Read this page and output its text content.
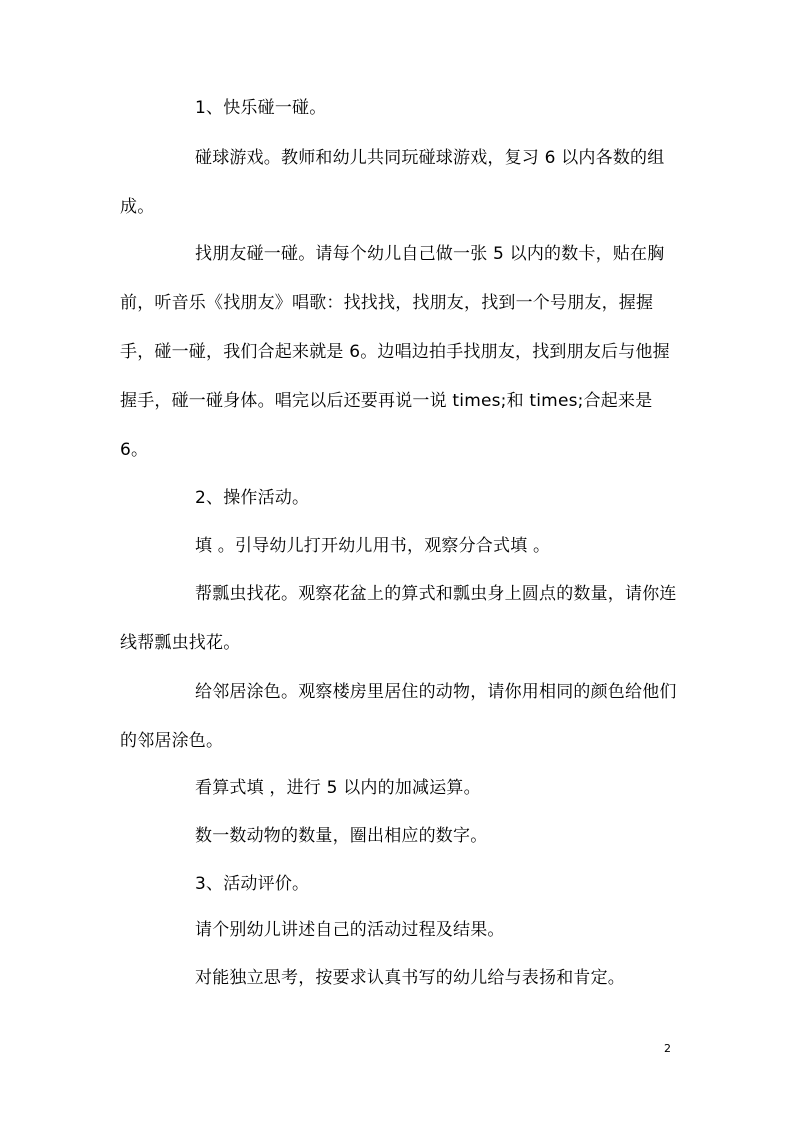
1、快乐碰一碰。

碰球游戏。教师和幼儿共同玩碰球游戏，复习 6 以内各数的组成。

找朋友碰一碰。请每个幼儿自己做一张 5 以内的数卡，贴在胸前，听音乐《找朋友》唱歌：找找找，找朋友，找到一个号朋友，握握手，碰一碰，我们合起来就是 6。边唱边拍手找朋友，找到朋友后与他握握手，碰一碰身体。唱完以后还要再说一说 times;和 times;合起来是 6。

2、操作活动。

填 。引导幼儿打开幼儿用书，观察分合式填 。

帮瓢虫找花。观察花盆上的算式和瓢虫身上圆点的数量，请你连线帮瓢虫找花。

给邻居涂色。观察楼房里居住的动物，请你用相同的颜色给他们的邻居涂色。

看算式填 ，进行 5 以内的加减运算。

数一数动物的数量，圈出相应的数字。

3、活动评价。

请个别幼儿讲述自己的活动过程及结果。

对能独立思考，按要求认真书写的幼儿给与表扬和肯定。

2
